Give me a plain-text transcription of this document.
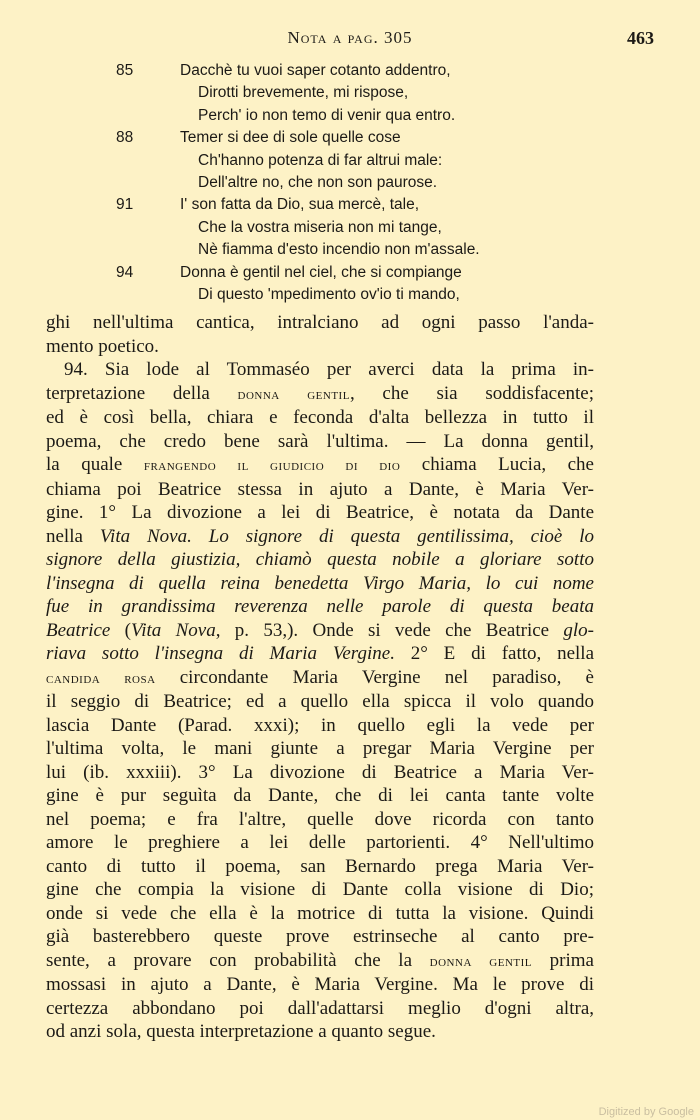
Nota a pag. 305	463
85	Dacchè tu vuoi saper cotanto addentro,
Dirotti brevemente, mi rispose,
Perch' io non temo di venir qua entro.
88	Temer si dee di sole quelle cose
Ch'hanno potenza di far altrui male:
Dell'altre no, che non son paurose.
91	I' son fatta da Dio, sua mercè, tale,
Che la vostra miseria non mi tange,
Nè fiamma d'esto incendio non m'assale.
94	Donna è gentil nel ciel, che si compiange
Di questo 'mpedimento ov'io ti mando,
ghi nell'ultima cantica, intralciano ad ogni passo l'anda-
mento poetico.
94. Sia lode al Tommaséo per averci data la prima in-
terpretazione della donna gentil, che sia soddisfacente;
ed è così bella, chiara e feconda d'alta bellezza in tutto il
poema, che credo bene sarà l'ultima. — La donna gentil,
la quale frangendo il giudicio di dio chiama Lucia, che
chiama poi Beatrice stessa in ajuto a Dante, è Maria Ver-
gine. 1° La divozione a lei di Beatrice, è notata da Dante
nella Vita Nova. Lo signore di questa gentilissima, cioè lo
signore della giustizia, chiamò questa nobile a gloriare sotto
l'insegna di quella reina benedetta Virgo Maria, lo cui nome
fue in grandissima reverenza nelle parole di questa beata
Beatrice (Vita Nova, p. 53,). Onde si vede che Beatrice glo-
riava sotto l'insegna di Maria Vergine. 2° E di fatto, nella
candida rosa circondante Maria Vergine nel paradiso, è
il seggio di Beatrice; ed a quello ella spicca il volo quando
lascia Dante (Parad. xxxi); in quello egli la vede per
l'ultima volta, le mani giunte a pregar Maria Vergine per
lui (ib. xxxiii). 3° La divozione di Beatrice a Maria Ver-
gine è pur seguìta da Dante, che di lei canta tante volte
nel poema; e fra l'altre, quelle dove ricorda con tanto
amore le preghiere a lei delle partorienti. 4° Nell'ultimo
canto di tutto il poema, san Bernardo prega Maria Ver-
gine che compia la visione di Dante colla visione di Dio;
onde si vede che ella è la motrice di tutta la visione. Quindi
già basterebbero queste prove estrinseche al canto pre-
sente, a provare con probabilità che la donna gentil prima
mossasi in ajuto a Dante, è Maria Vergine. Ma le prove di
certezza abbondano poi dall'adattarsi meglio d'ogni altra,
od anzi sola, questa interpretazione a quanto segue.
Digitized by Google
